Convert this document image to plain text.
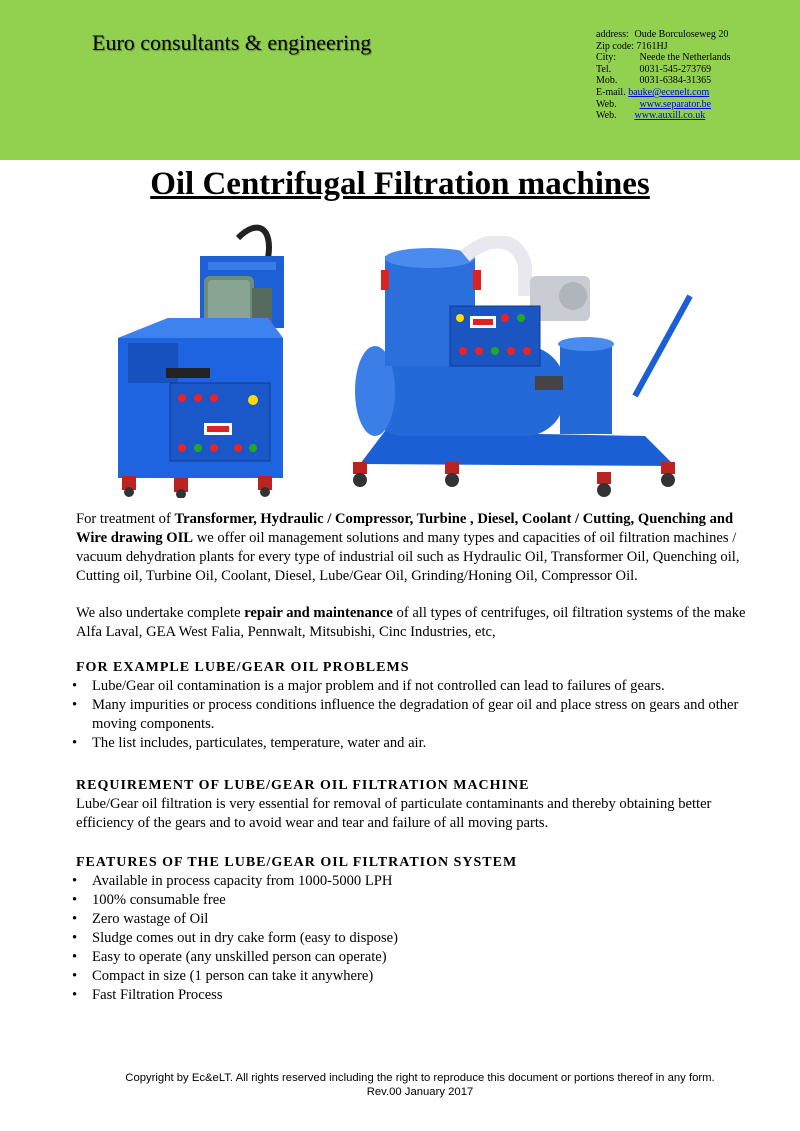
Euro consultants & engineering	address: Oude Borculoseweg 20
Zip code: 7161HJ
City: Neede the Netherlands
Tel.	0031-545-273769
Mob. 0031-6384-31365
E-mail. bauke@ecenelt.com
Web. www.separator.be
Web. www.auxill.co.uk
Oil Centrifugal Filtration machines

For treatment of Transformer, Hydraulic / Compressor, Turbine , Diesel, Coolant / Cutting, Quenching and Wire drawing OIL we offer oil management solutions and many types and capacities of oil filtration machines / vacuum dehydration plants for every type of industrial oil such as Hydraulic Oil, Transformer Oil, Quenching oil, Cutting oil, Turbine Oil, Coolant, Diesel, Lube/Gear Oil, Grinding/Honing Oil, Compressor Oil.

We also undertake complete repair and maintenance of all types of centrifuges, oil filtration systems of the make

Alfa Laval, GEA West Falia, Pennwalt, Mitsubishi, Cinc Industries, etc,

FOR EXAMPLE LUBE/GEAR OIL PROBLEMS
• Lube/Gear oil contamination is a major problem and if not controlled can lead to failures of gears.
• Many impurities or process conditions influence the degradation of gear oil and place stress on gears and other moving components.
• The list includes, particulates, temperature, water and air.
REQUIREMENT OF LUBE/GEAR OIL FILTRATION MACHINE

Lube/Gear oil filtration is very essential for removal of particulate contaminants and thereby obtaining better efficiency of the gears and to avoid wear and tear and failure of all moving parts.

FEATURES OF THE LUBE/GEAR OIL FILTRATION SYSTEM
• Available in process capacity from 1000-5000 LPH
• 100% consumable free
• Zero wastage of Oil
• Sludge comes out in dry cake form (easy to dispose)
• Easy to operate (any unskilled person can operate)
• Compact in size (1 person can take it anywhere)
• Fast Filtration Process
Copyright by Ec&eLT. All rights reserved including the right to reproduce this document or portions thereof in any form.
Rev.00 January 2017
